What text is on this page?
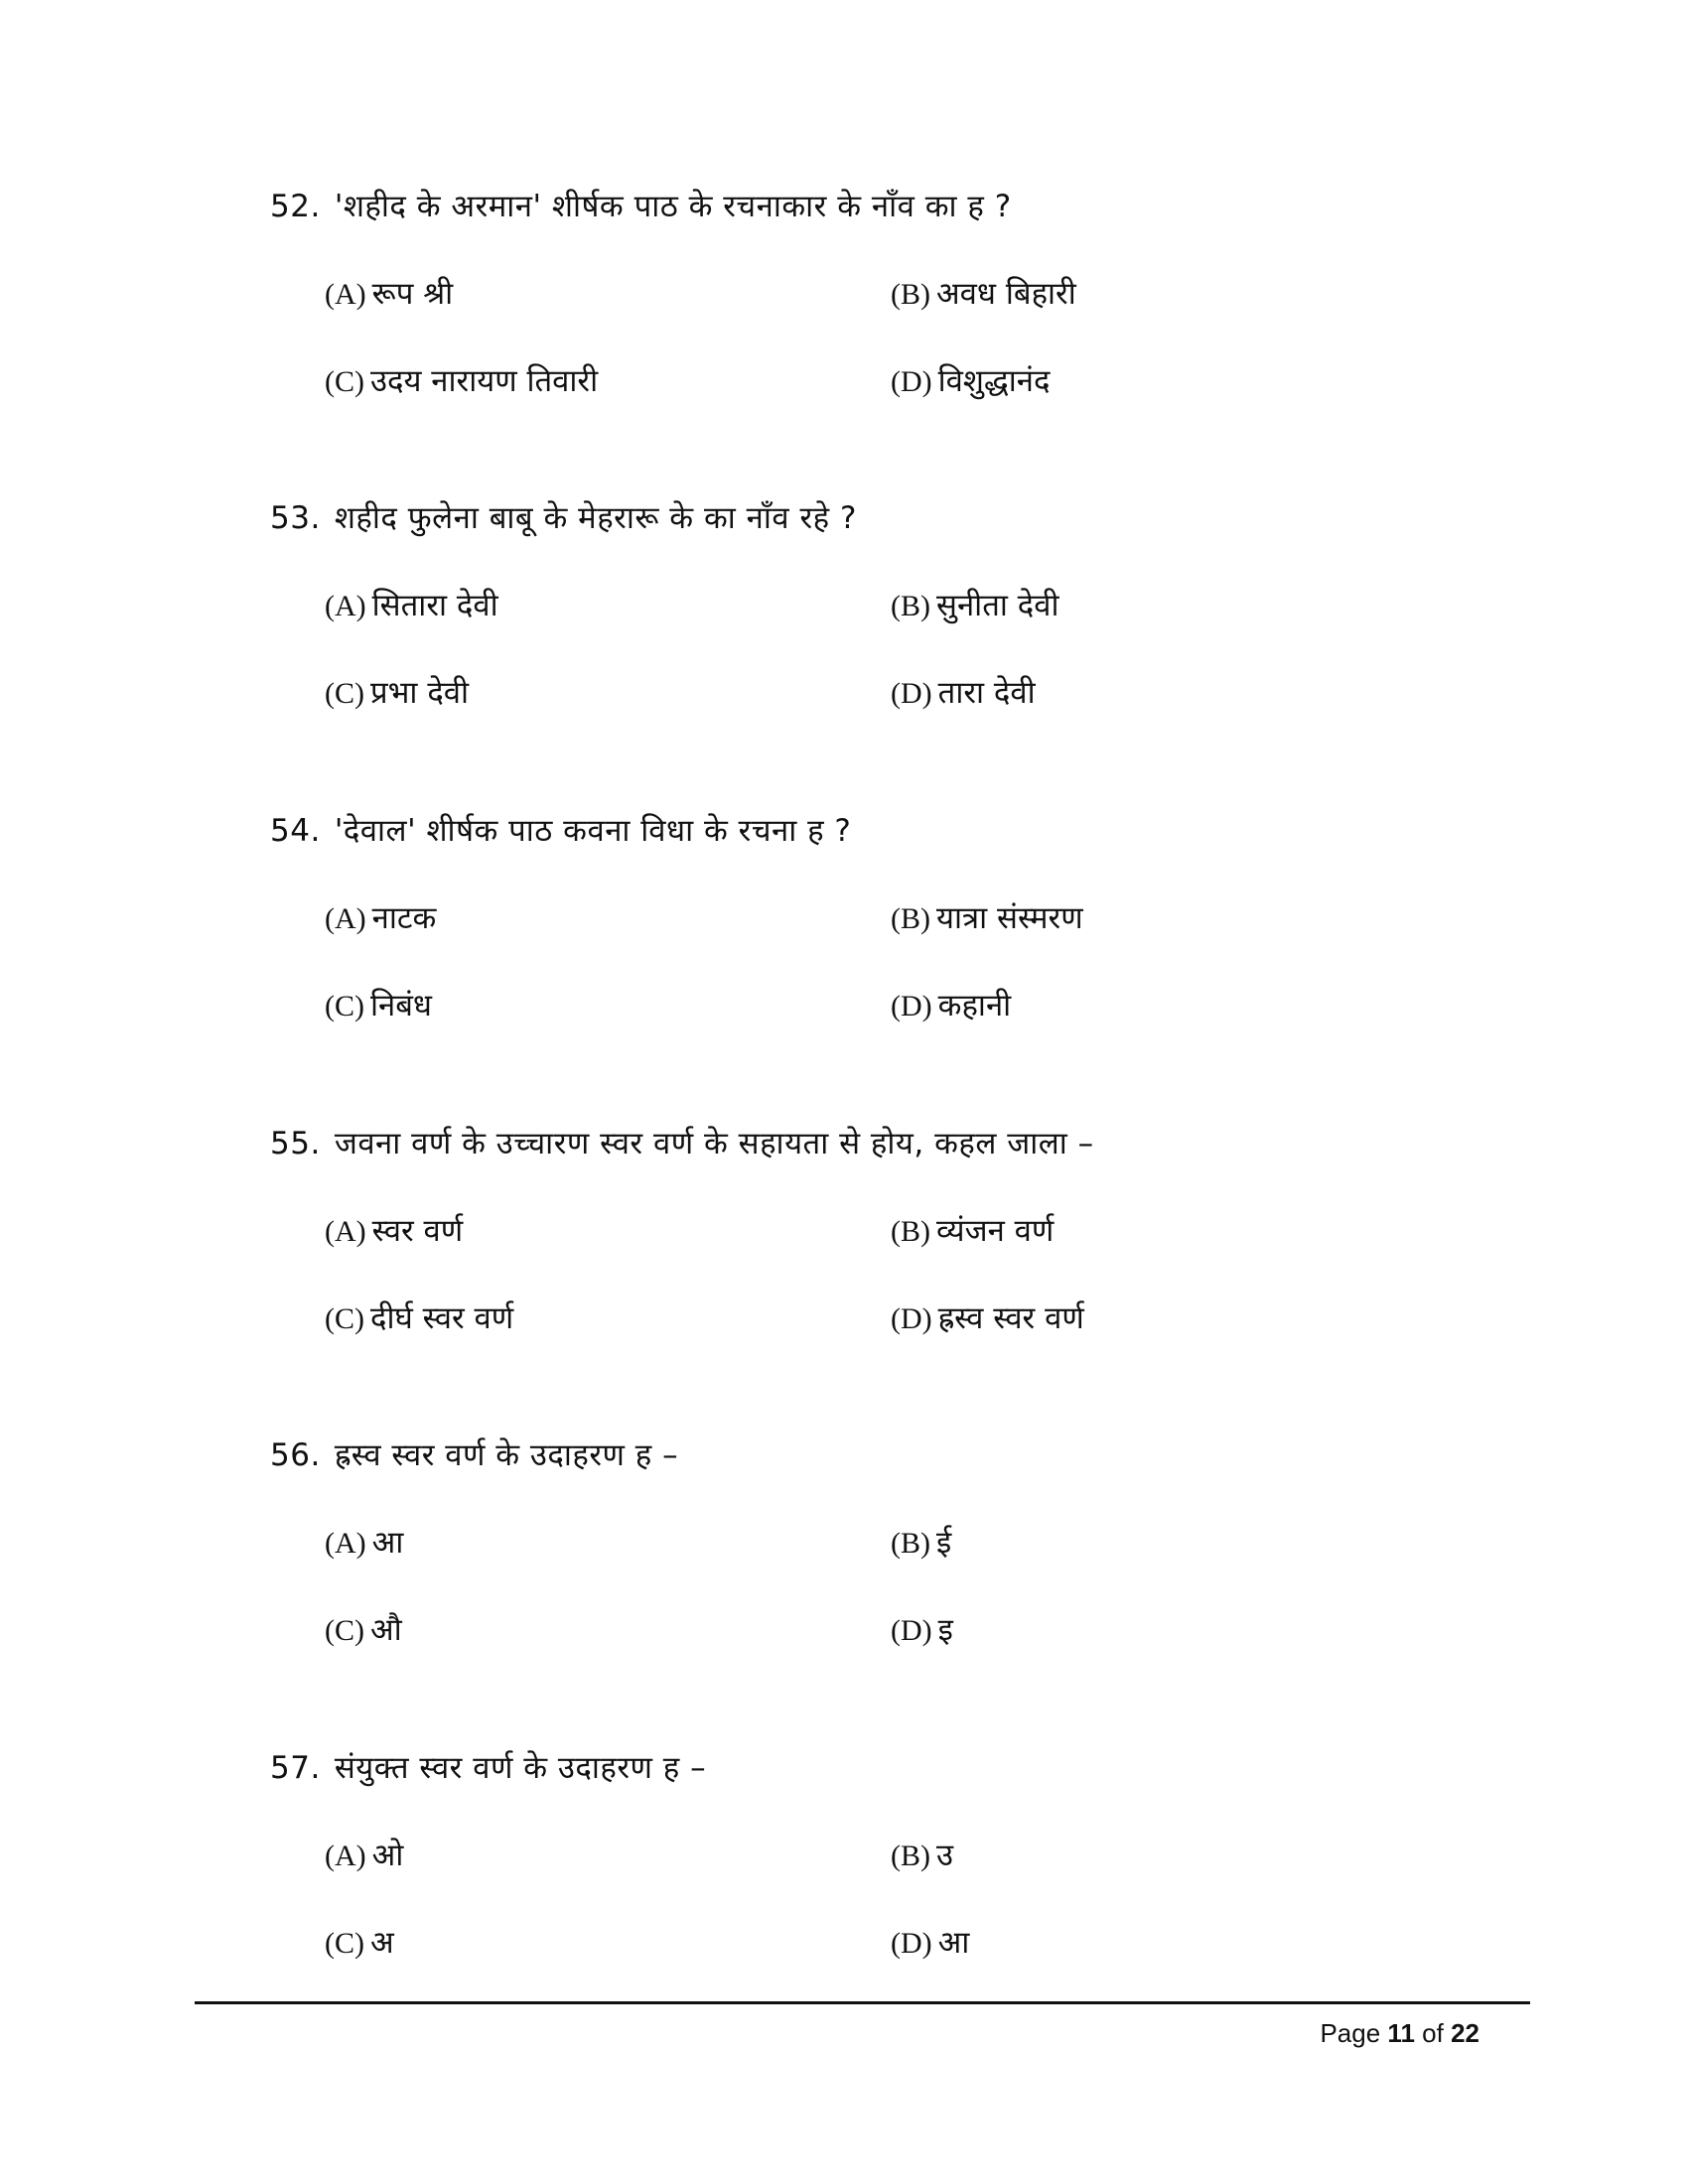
52. 'शहीद के अरमान' शीर्षक पाठ के रचनाकार के नाँव का ह ?
(A) रूप श्री	(B) अवध बिहारी
(C) उदय नारायण तिवारी	(D) विशुद्धानंद
53. शहीद फुलेना बाबू के मेहरारू के का नाँव रहे ?
(A) सितारा देवी	(B) सुनीता देवी
(C) प्रभा देवी	(D) तारा देवी
54. 'देवाल' शीर्षक पाठ कवना विधा के रचना ह ?
(A) नाटक	(B) यात्रा संस्मरण
(C) निबंध	(D) कहानी
55. जवना वर्ण के उच्चारण स्वर वर्ण के सहायता से होय, कहल जाला –
(A) स्वर वर्ण	(B) व्यंजन वर्ण
(C) दीर्घ स्वर वर्ण	(D) ह्रस्व स्वर वर्ण
56. ह्रस्व स्वर वर्ण के उदाहरण ह –
(A) आ	(B) ई
(C) औ	(D) इ
57. संयुक्त स्वर वर्ण के उदाहरण ह –
(A) ओ	(B) उ
(C) अ	(D) आ
Page 11 of 22
